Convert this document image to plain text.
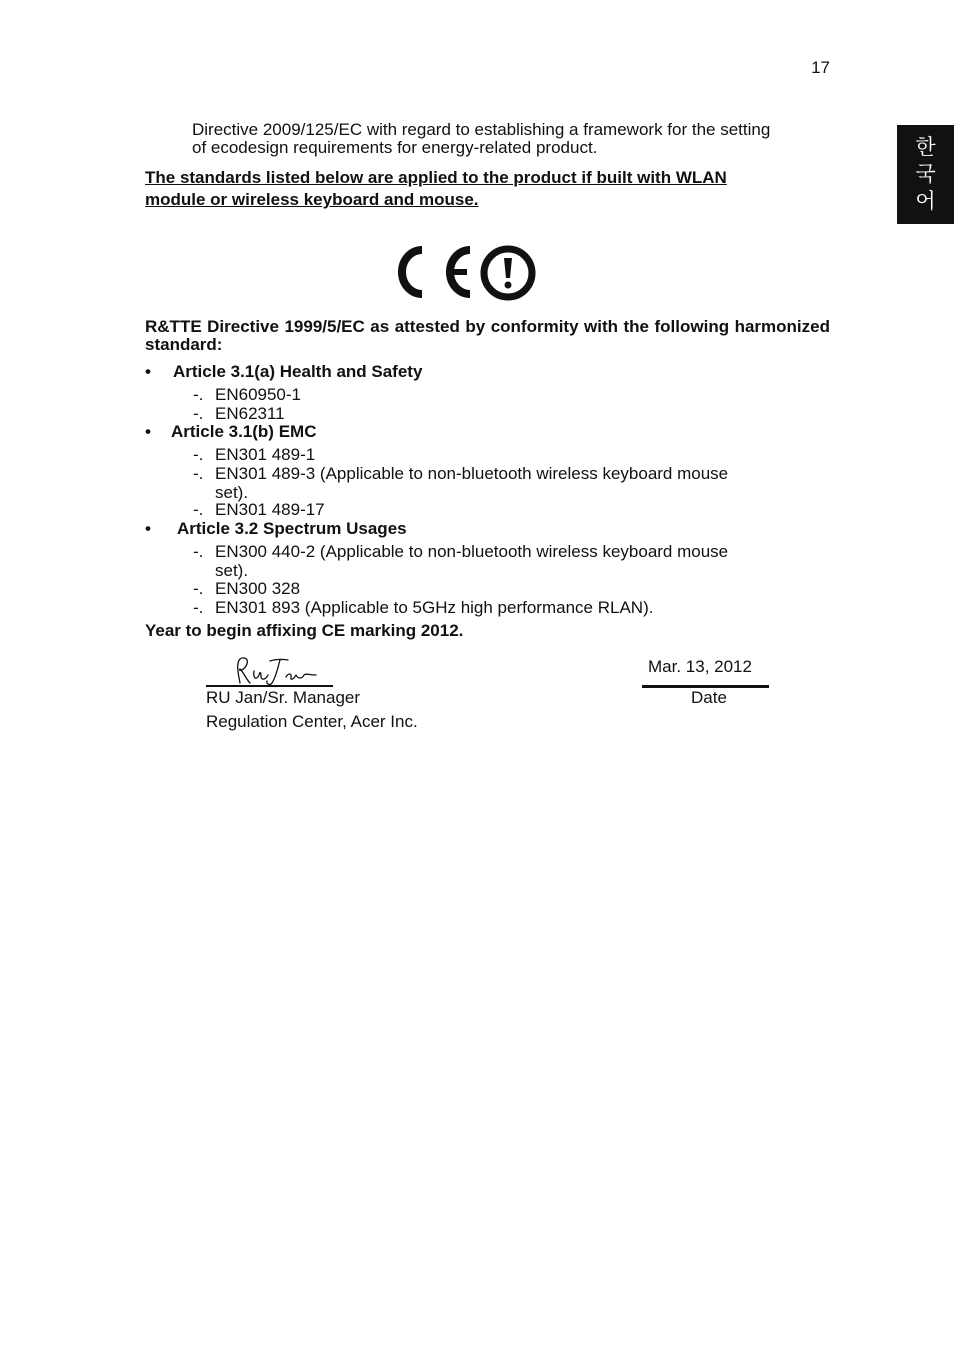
17
한
국
어

Directive 2009/125/EC with regard to establishing a framework for the setting

of ecodesign requirements for energy-related product.

The standards listed below are applied to the product if built with WLAN
module or wireless keyboard and mouse.
R&TTE Directive 1999/5/EC as attested by conformity with the following harmonized standard:
• Article 3.1(a) Health and Safety
-. EN60950-1
-. EN62311
• Article 3.1(b) EMC
-. EN301 489-1
-. EN301 489-3 (Applicable to non-bluetooth wireless keyboard mouse
set).
-. EN301 489-17
• Article 3.2 Spectrum Usages
-. EN300 440-2 (Applicable to non-bluetooth wireless keyboard mouse
set).
-. EN300 328
-. EN301 893 (Applicable to 5GHz high performance RLAN).
Year to begin affixing CE marking 2012.
RU Jan/Sr. Manager
Regulation Center, Acer Inc.
Mar. 13, 2012
Date
